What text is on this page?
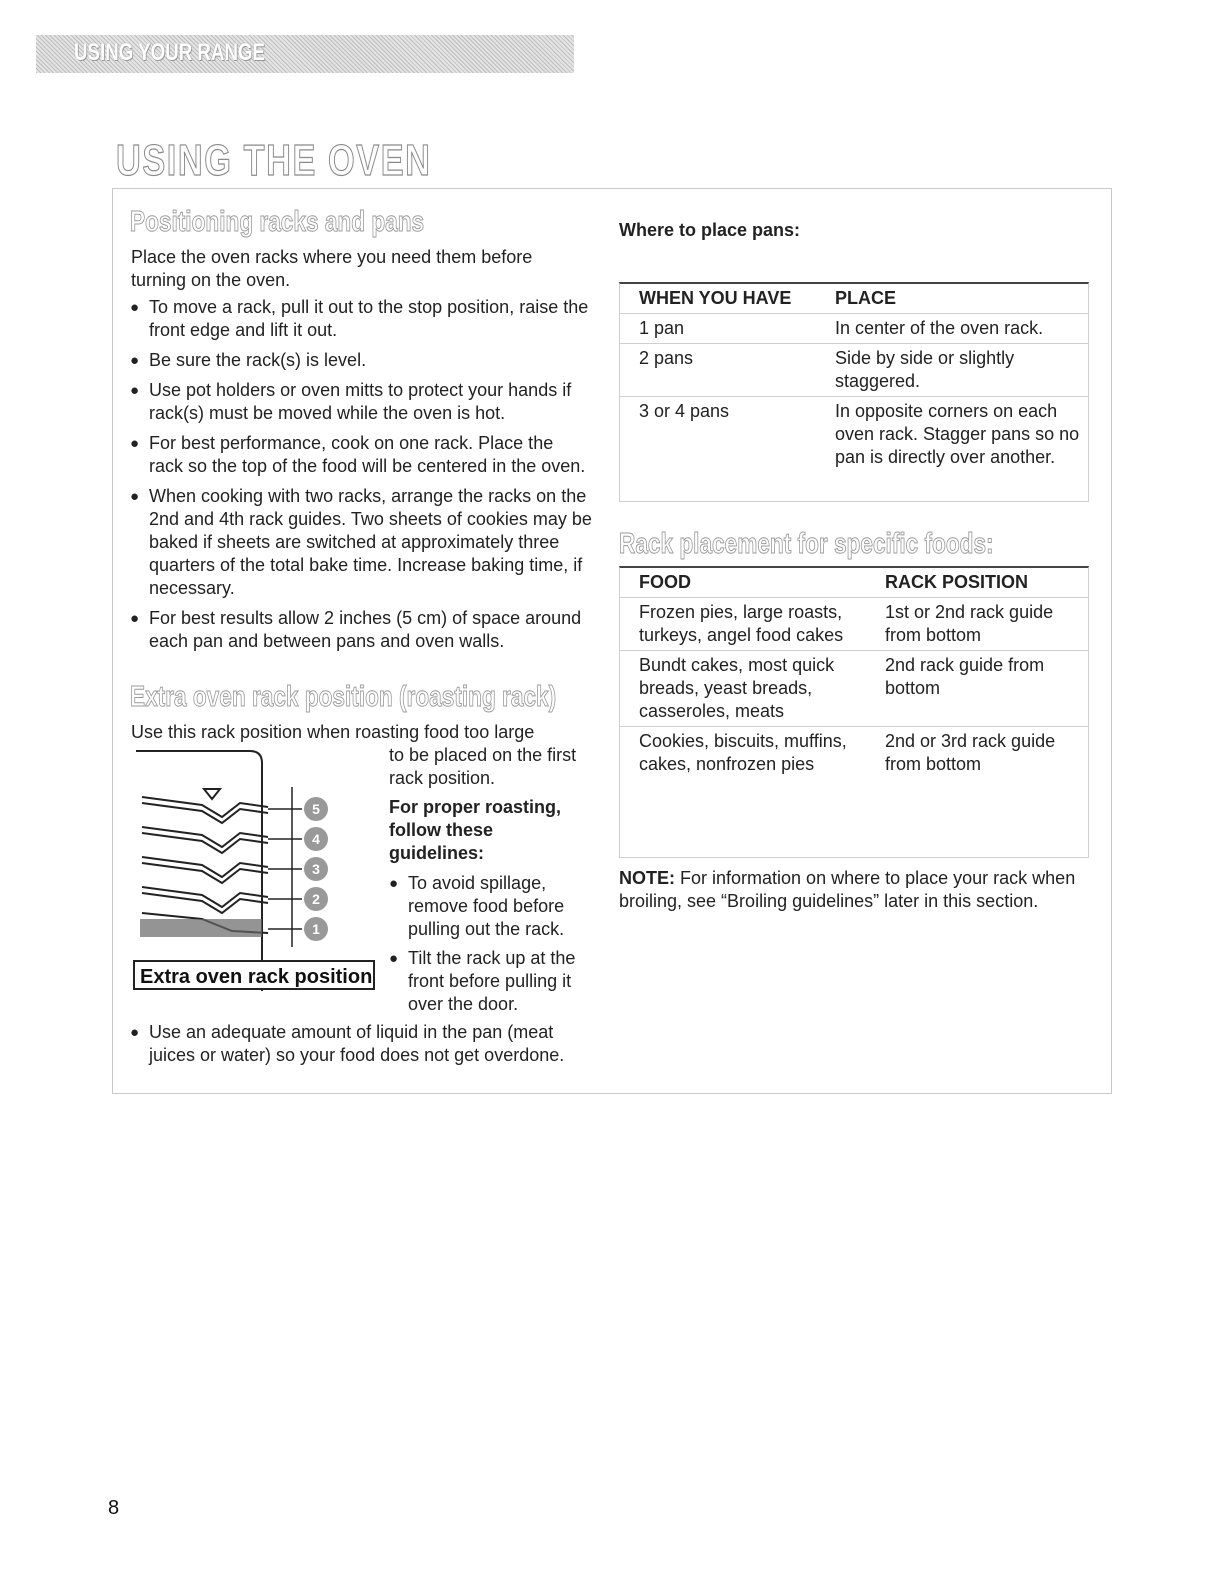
USING YOUR RANGE
USING THE OVEN
Positioning racks and pans
Place the oven racks where you need them before turning on the oven.
● To move a rack, pull it out to the stop position, raise the front edge and lift it out.
● Be sure the rack(s) is level.
● Use pot holders or oven mitts to protect your hands if rack(s) must be moved while the oven is hot.
● For best performance, cook on one rack. Place the rack so the top of the food will be centered in the oven.
● When cooking with two racks, arrange the racks on the 2nd and 4th rack guides. Two sheets of cookies may be baked if sheets are switched at approximately three quarters of the total bake time. Increase baking time, if necessary.
● For best results allow 2 inches (5 cm) of space around each pan and between pans and oven walls.
Extra oven rack position (roasting rack)
Use this rack position when roasting food too large
to be placed on the first rack position.
For proper roasting, follow these guidelines:
● To avoid spillage, remove food before pulling out the rack.
● Tilt the rack up at the front before pulling it over the door.
5
4
3
2
1
Extra oven rack position
● Use an adequate amount of liquid in the pan (meat juices or water) so your food does not get overdone.
Where to place pans:
WHEN YOU HAVE	PLACE
1 pan	In center of the oven rack.
2 pans	Side by side or slightly staggered.
3 or 4 pans	In opposite corners on each oven rack. Stagger pans so no pan is directly over another.
Rack placement for specific foods:
FOOD	RACK POSITION
Frozen pies, large roasts, turkeys, angel food cakes	1st or 2nd rack guide from bottom
Bundt cakes, most quick breads, yeast breads, casseroles, meats	2nd rack guide from bottom
Cookies, biscuits, muffins, cakes, nonfrozen pies	2nd or 3rd rack guide from bottom
NOTE: For information on where to place your rack when broiling, see “Broiling guidelines” later in this section.
8
